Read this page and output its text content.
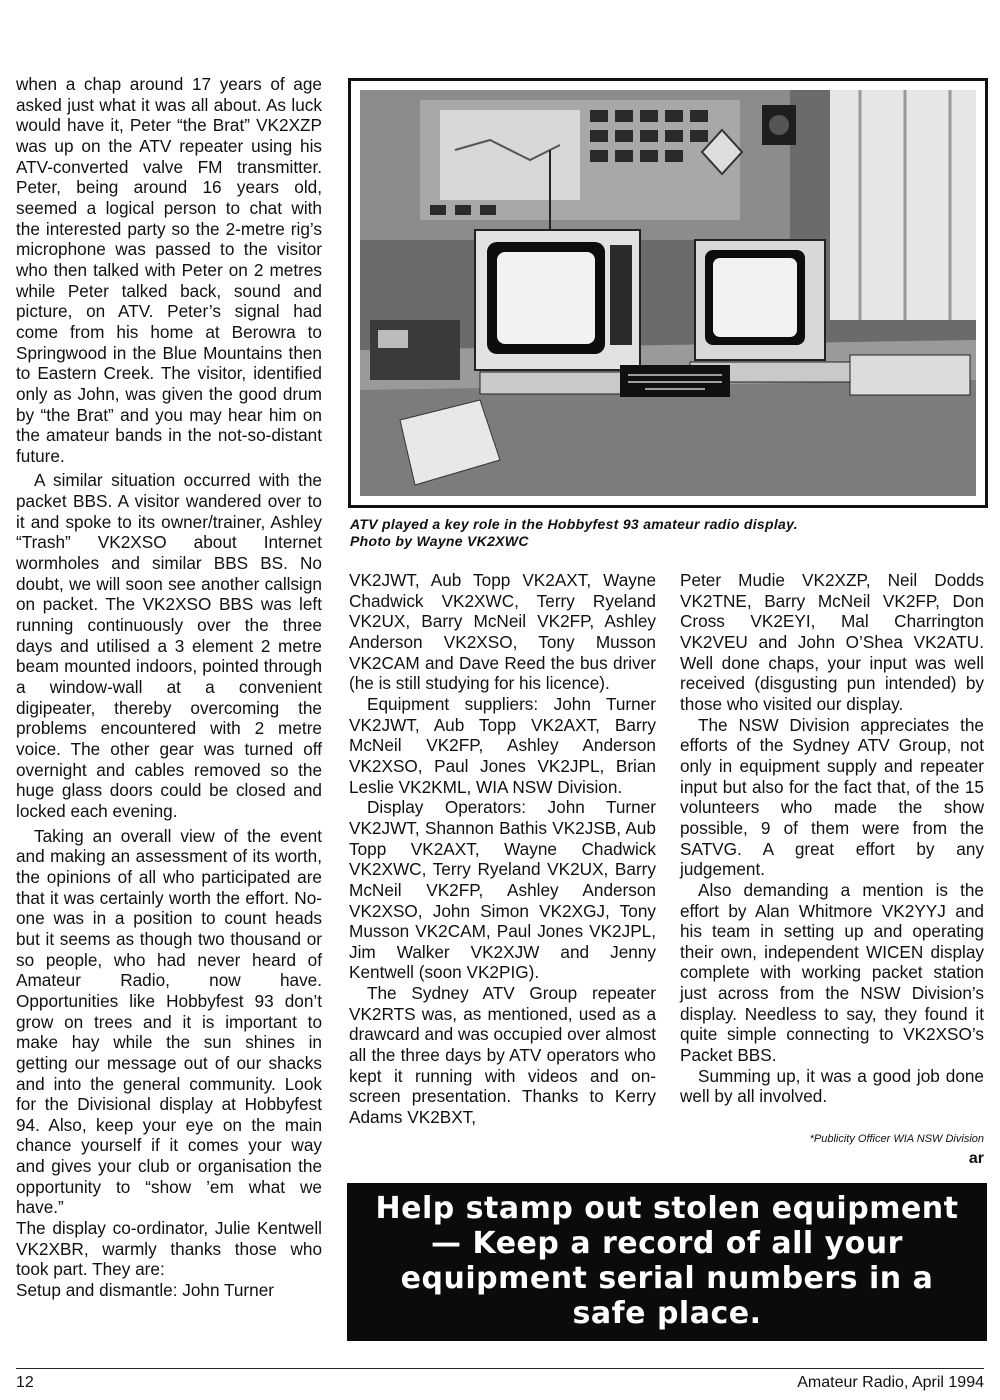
when a chap around 17 years of age asked just what it was all about. As luck would have it, Peter “the Brat” VK2XZP was up on the ATV repeater using his ATV-converted valve FM transmitter. Peter, being around 16 years old, seemed a logical person to chat with the interested party so the 2-metre rig’s microphone was passed to the visitor who then talked with Peter on 2 metres while Peter talked back, sound and picture, on ATV. Peter’s signal had come from his home at Berowra to Springwood in the Blue Mountains then to Eastern Creek. The visitor, identified only as John, was given the good drum by “the Brat” and you may hear him on the amateur bands in the not-so-distant future.

A similar situation occurred with the packet BBS. A visitor wandered over to it and spoke to its owner/trainer, Ashley “Trash” VK2XSO about Internet wormholes and similar BBS BS. No doubt, we will soon see another callsign on packet. The VK2XSO BBS was left running continuously over the three days and utilised a 3 element 2 metre beam mounted indoors, pointed through a window-wall at a convenient digipeater, thereby overcoming the problems encountered with 2 metre voice. The other gear was turned off overnight and cables removed so the huge glass doors could be closed and locked each evening.

Taking an overall view of the event and making an assessment of its worth, the opinions of all who participated are that it was certainly worth the effort. No-one was in a position to count heads but it seems as though two thousand or so people, who had never heard of Amateur Radio, now have. Opportunities like Hobbyfest 93 don’t grow on trees and it is important to make hay while the sun shines in getting our message out of our shacks and into the general community. Look for the Divisional display at Hobbyfest 94. Also, keep your eye on the main chance yourself if it comes your way and gives your club or organisation the opportunity to “show ’em what we have.”

The display co-ordinator, Julie Kentwell VK2XBR, warmly thanks those who took part. They are:

Setup and dismantle: John Turner

ATV played a key role in the Hobbyfest 93 amateur radio display.
Photo by Wayne VK2XWC

VK2JWT, Aub Topp VK2AXT, Wayne Chadwick VK2XWC, Terry Ryeland VK2UX, Barry McNeil VK2FP, Ashley Anderson VK2XSO, Tony Musson VK2CAM and Dave Reed the bus driver (he is still studying for his licence).

Equipment suppliers: John Turner VK2JWT, Aub Topp VK2AXT, Barry McNeil VK2FP, Ashley Anderson VK2XSO, Paul Jones VK2JPL, Brian Leslie VK2KML, WIA NSW Division.

Display Operators: John Turner VK2JWT, Shannon Bathis VK2JSB, Aub Topp VK2AXT, Wayne Chadwick VK2XWC, Terry Ryeland VK2UX, Barry McNeil VK2FP, Ashley Anderson VK2XSO, John Simon VK2XGJ, Tony Musson VK2CAM, Paul Jones VK2JPL, Jim Walker VK2XJW and Jenny Kentwell (soon VK2PIG).

The Sydney ATV Group repeater VK2RTS was, as mentioned, used as a drawcard and was occupied over almost all the three days by ATV operators who kept it running with videos and on-screen presentation. Thanks to Kerry Adams VK2BXT,

Peter Mudie VK2XZP, Neil Dodds VK2TNE, Barry McNeil VK2FP, Don Cross VK2EYI, Mal Charrington VK2VEU and John O’Shea VK2ATU. Well done chaps, your input was well received (disgusting pun intended) by those who visited our display.

The NSW Division appreciates the efforts of the Sydney ATV Group, not only in equipment supply and repeater input but also for the fact that, of the 15 volunteers who made the show possible, 9 of them were from the SATVG. A great effort by any judgement.

Also demanding a mention is the effort by Alan Whitmore VK2YYJ and his team in setting up and operating their own, independent WICEN display complete with working packet station just across from the NSW Division’s display. Needless to say, they found it quite simple connecting to VK2XSO’s Packet BBS.

Summing up, it was a good job done well by all involved.

*Publicity Officer WIA NSW Division
ar
Help stamp out stolen equipment
— Keep a record of all your
equipment serial numbers in a
safe place.
12	Amateur Radio, April 1994
